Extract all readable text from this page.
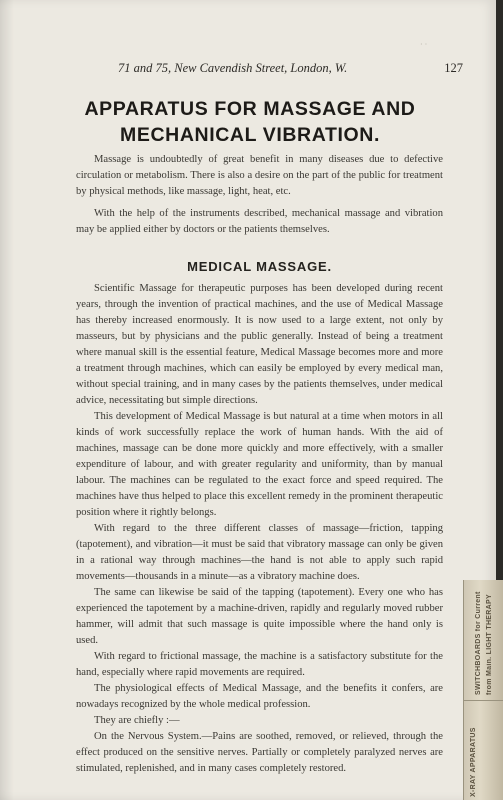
· ·
71 and 75, New Cavendish Street, London, W.	127
APPARATUS FOR MASSAGE AND
MECHANICAL VIBRATION.

Massage is undoubtedly of great benefit in many diseases due to defective circulation or metabolism. There is also a desire on the part of the public for treatment by physical methods, like massage, light, heat, etc.

With the help of the instruments described, mechanical massage and vibration may be applied either by doctors or the patients themselves.

MEDICAL MASSAGE.

Scientific Massage for therapeutic purposes has been developed during recent years, through the invention of practical machines, and the use of Medical Massage has thereby increased enormously. It is now used to a large extent, not only by masseurs, but by physicians and the public generally. Instead of being a treatment where manual skill is the essential feature, Medical Massage becomes more and more a treatment through machines, which can easily be employed by every medical man, without special training, and in many cases by the patients themselves, under medical advice, necessitating but simple directions.

This development of Medical Massage is but natural at a time when motors in all kinds of work successfully replace the work of human hands. With the aid of machines, massage can be done more quickly and more effectively, with a smaller expenditure of labour, and with greater regularity and uniformity, than by manual labour. The machines can be regulated to the exact force and speed required. The machines have thus helped to place this excellent remedy in the prominent therapeutic position where it rightly belongs.

With regard to the three different classes of massage—friction, tapping (tapotement), and vibration—it must be said that vibratory massage can only be given in a rational way through machines—the hand is not able to apply such rapid movements—thousands in a minute—as a vibratory machine does.

The same can likewise be said of the tapping (tapotement). Every one who has experienced the tapotement by a machine-driven, rapidly and regularly moved rubber hammer, will admit that such massage is quite impossible where the hand only is used.

With regard to frictional massage, the machine is a satisfactory substitute for the hand, especially where rapid movements are required.

The physiological effects of Medical Massage, and the benefits it confers, are nowadays recognized by the whole medical profession.

They are chiefly :—

On the Nervous System.—Pains are soothed, removed, or relieved, through the effect produced on the sensitive nerves. Partially or completely paralyzed nerves are stimulated, replenished, and in many cases completely restored.

SWITCHBOARDS for Current from Main. LIGHT THERAPY
X-RAY APPARATUS
